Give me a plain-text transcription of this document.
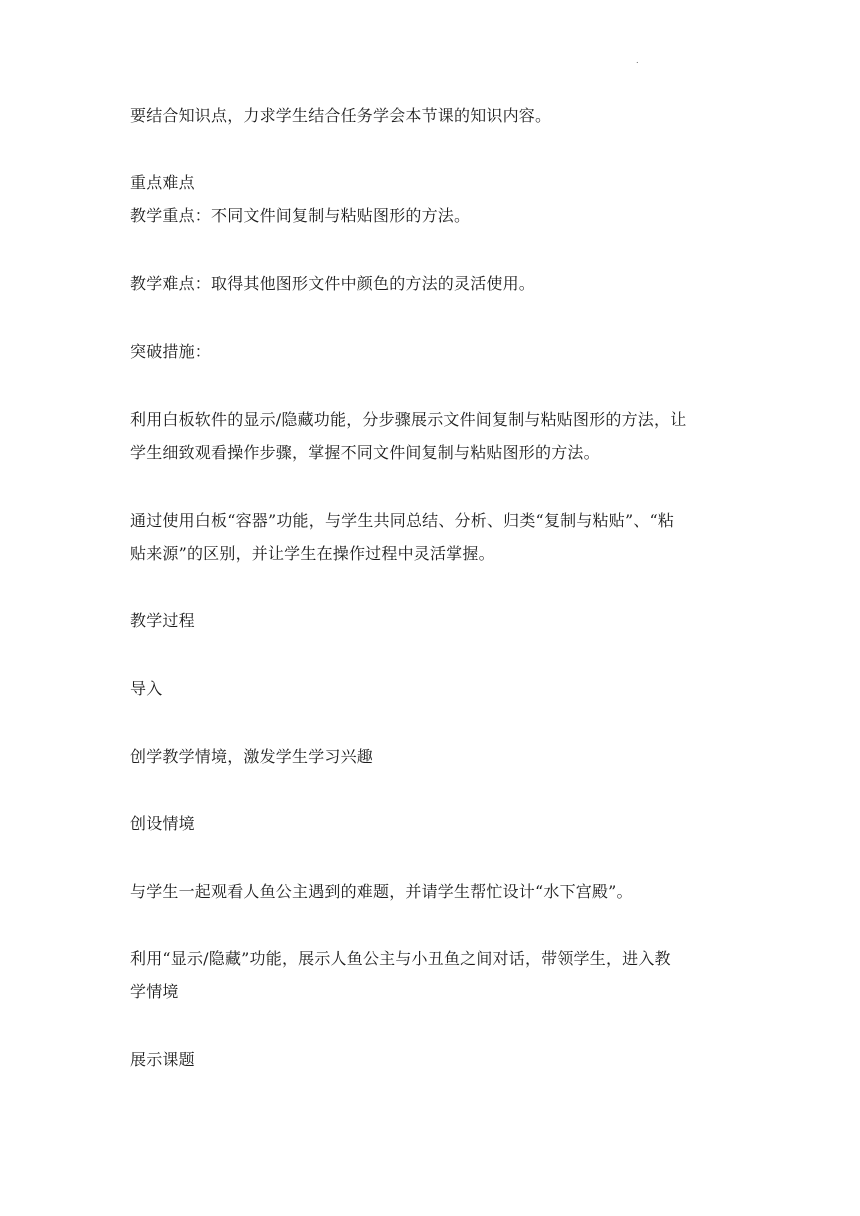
.
要结合知识点，力求学生结合任务学会本节课的知识内容。
重点难点
教学重点：不同文件间复制与粘贴图形的方法。
教学难点：取得其他图形文件中颜色的方法的灵活使用。
突破措施：
利用白板软件的显示/隐藏功能，分步骤展示文件间复制与粘贴图形的方法，让
学生细致观看操作步骤，掌握不同文件间复制与粘贴图形的方法。
通过使用白板“容器”功能，与学生共同总结、分析、归类“复制与粘贴”、“粘
贴来源”的区别，并让学生在操作过程中灵活掌握。
教学过程
导入
创学教学情境，激发学生学习兴趣
创设情境
与学生一起观看人鱼公主遇到的难题，并请学生帮忙设计“水下宫殿”。
利用“显示/隐藏”功能，展示人鱼公主与小丑鱼之间对话，带领学生，进入教
学情境
展示课题
